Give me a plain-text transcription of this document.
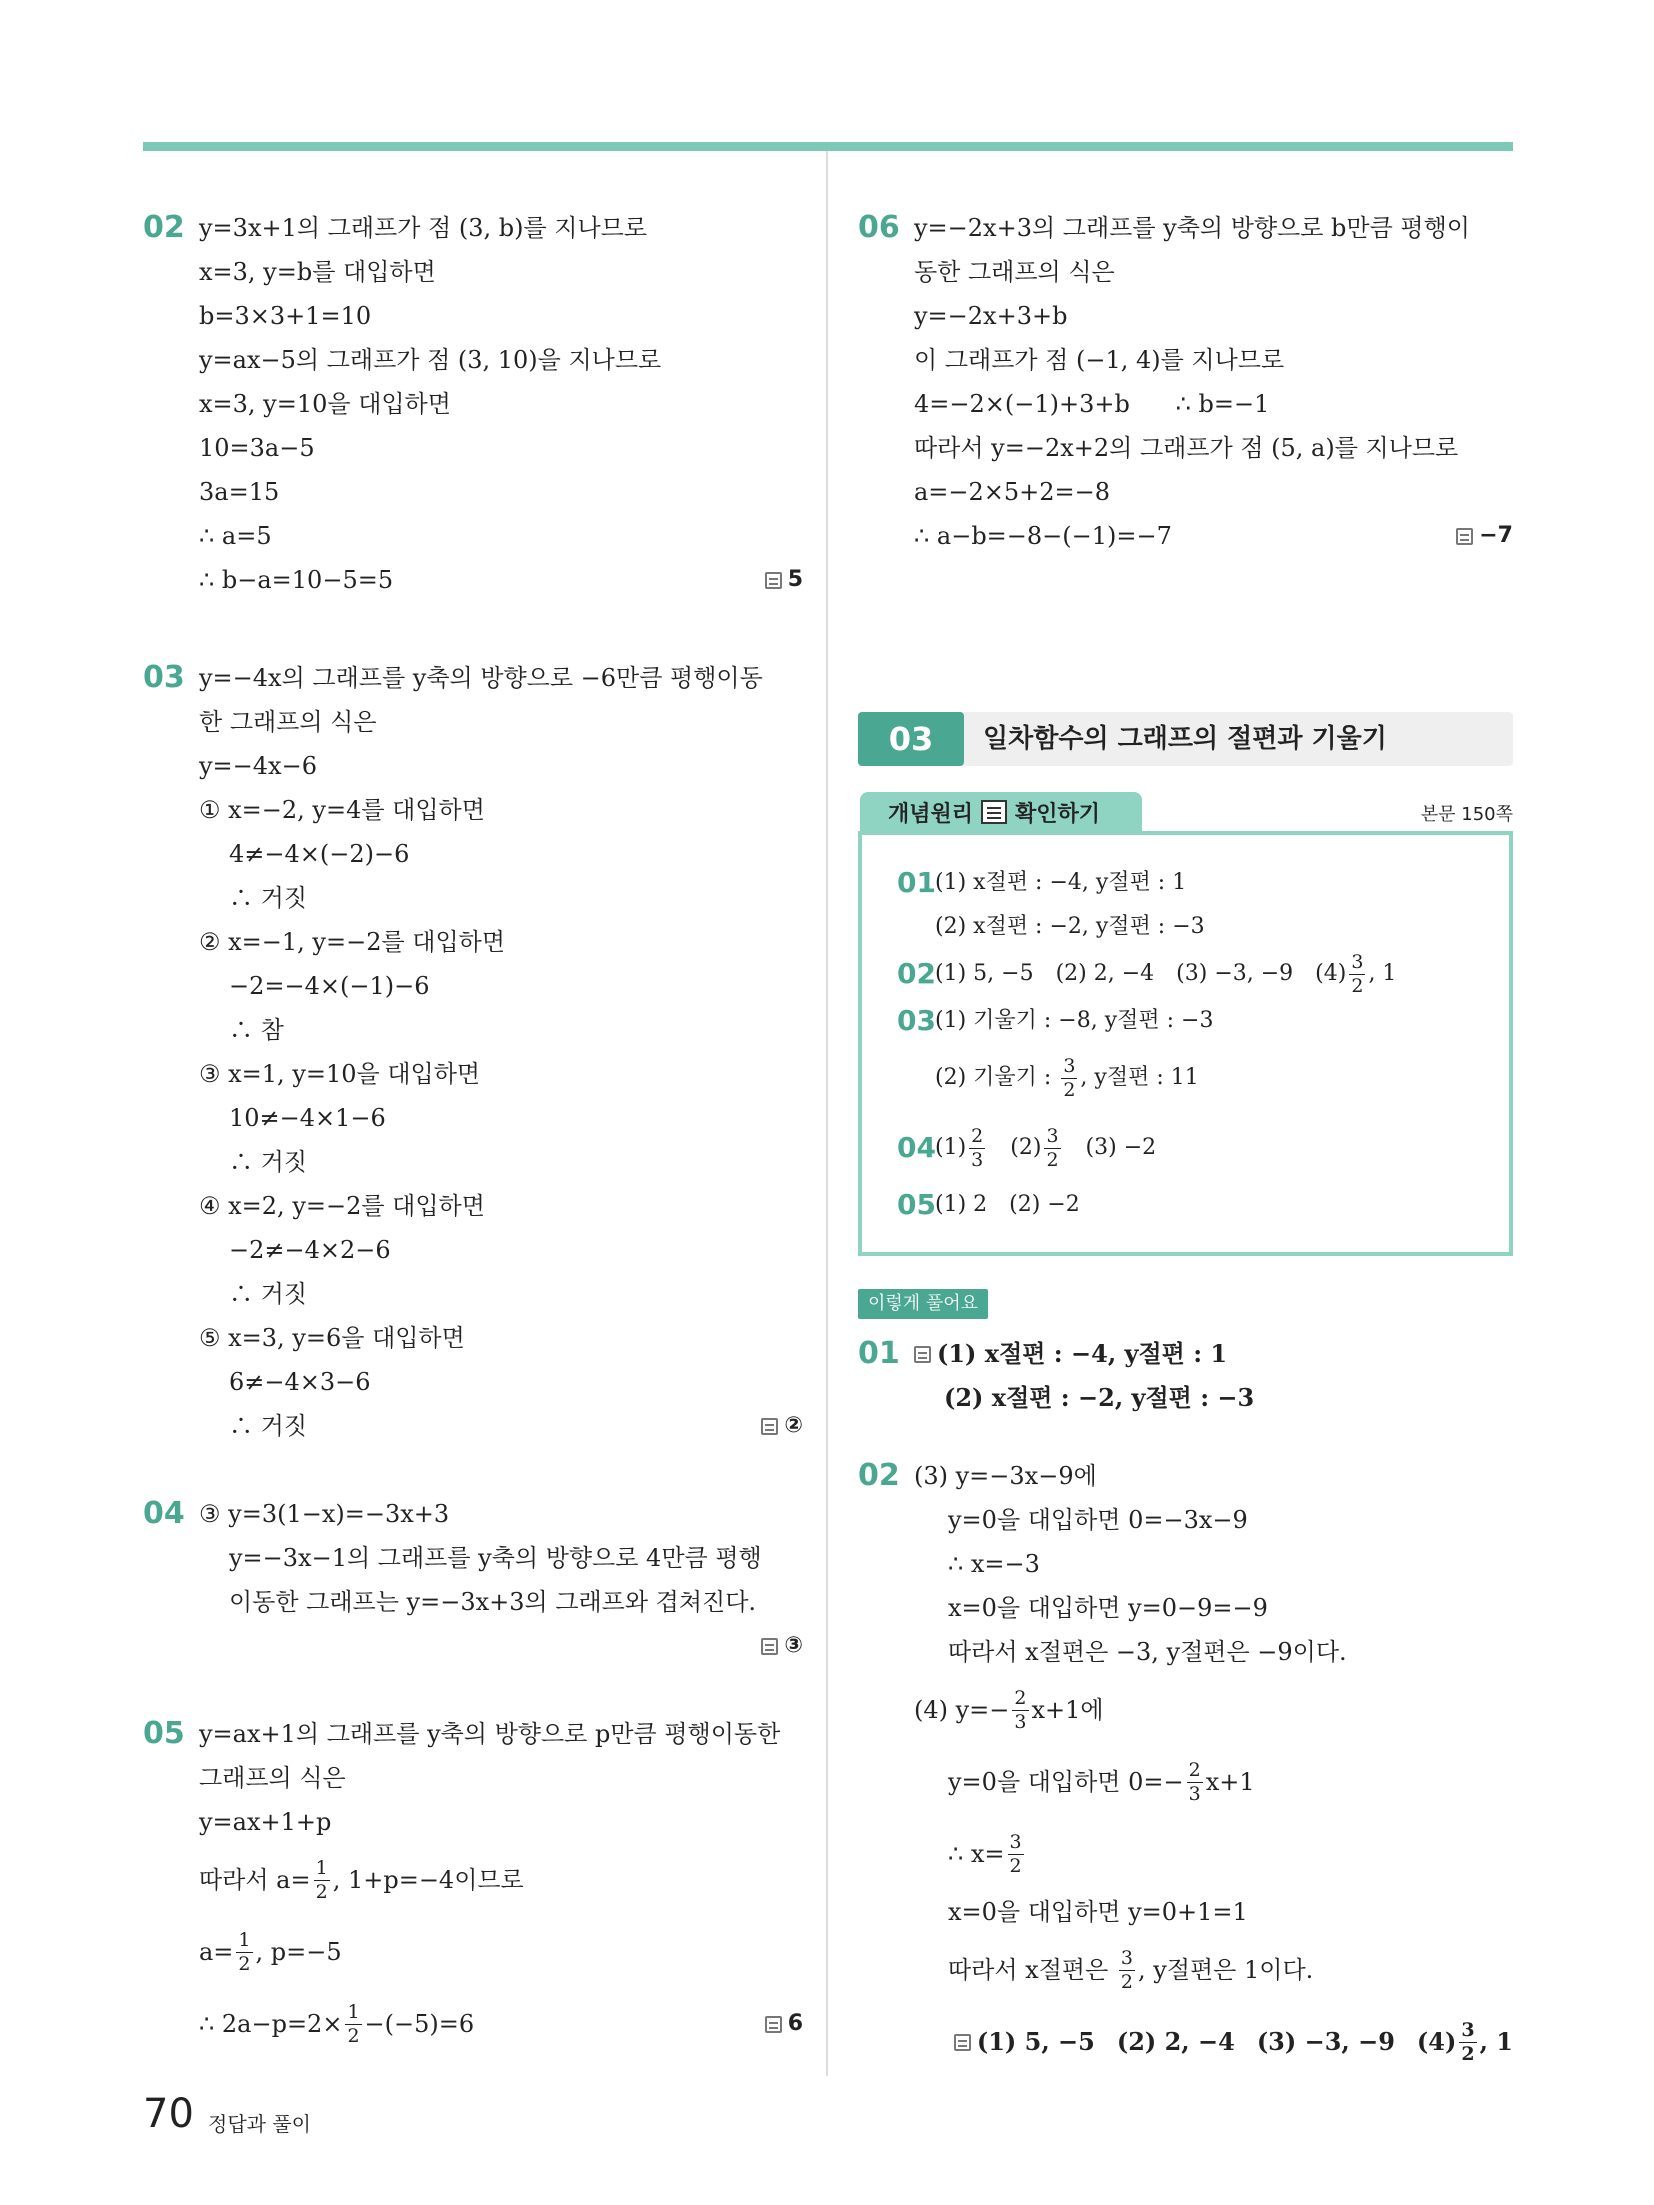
02 y=3x+1의 그래프가 점 (3, b)를 지나므로
x=3, y=b를 대입하면
b=3×3+1=10
y=ax−5의 그래프가 점 (3, 10)을 지나므로
x=3, y=10을 대입하면
10=3a−5
3a=15
∴ a=5
∴ b−a=10−5=5	5
03 y=−4x의 그래프를 y축의 방향으로 −6만큼 평행이동
한 그래프의 식은
y=−4x−6
① x=−2, y=4를 대입하면
4≠−4×(−2)−6
∴ 거짓
② x=−1, y=−2를 대입하면
−2=−4×(−1)−6
∴ 참
③ x=1, y=10을 대입하면
10≠−4×1−6
∴ 거짓
④ x=2, y=−2를 대입하면
−2≠−4×2−6
∴ 거짓
⑤ x=3, y=6을 대입하면
6≠−4×3−6
∴ 거짓	②
04 ③ y=3(1−x)=−3x+3
y=−3x−1의 그래프를 y축의 방향으로 4만큼 평행
이동한 그래프는 y=−3x+3의 그래프와 겹쳐진다.
③
05 y=ax+1의 그래프를 y축의 방향으로 p만큼 평행이동한
그래프의 식은
y=ax+1+p
따라서 $a= \frac{1}{2}$ , 1+p=−4이므로
$a= \frac{1}{2}$ , p=−5
∴ $2a-p=2\times \frac{1}{2} -(-5)=6$	6
06 y=−2x+3의 그래프를 y축의 방향으로 b만큼 평행이
동한 그래프의 식은
y=−2x+3+b
이 그래프가 점 (−1, 4)를 지나므로
4=−2×(−1)+3+b      ∴ b=−1
따라서 y=−2x+2의 그래프가 점 (5, a)를 지나므로
a=−2×5+2=−8
∴ a−b=−8−(−1)=−7	−7
03	일차함수의 그래프의 절편과 기울기
개념원리 확인하기	본문 150쪽
01 (1) x절편 : −4, y절편 : 1
(2) x절편 : −2, y절편 : −3
02 (1) 5, −5 (2) 2, −4 (3) −3, −9 $(4) \frac{3}{2}$ , 1
03 (1) 기울기 : −8, y절편 : −3
(2) 기울기 : $\frac{3}{2}$ , y절편 : 11
04 $(1) \frac{2}{3} (2) \frac{3}{2} (3) -2$
05 (1) 2 (2) −2
이렇게 풀어요
01 (1) x절편 : −4, y절편 : 1
(2) x절편 : −2, y절편 : −3
02 (3) y=−3x−9에
y=0을 대입하면 0=−3x−9
∴ x=−3
x=0을 대입하면 y=0−9=−9
따라서 x절편은 −3, y절편은 −9이다.
(4) $y=- \frac{2}{3} x+1$에
y=0을 대입하면 $0=- \frac{2}{3} x+1$
∴ $x= \frac{3}{2}$
x=0을 대입하면 y=0+1=1
따라서 x절편은 $\frac{3}{2}$ , y절편은 1이다.
(1) 5, −5 (2) 2, −4 (3) −3, −9 $(4) \frac{3}{2}$ , 1
70 정답과 풀이
